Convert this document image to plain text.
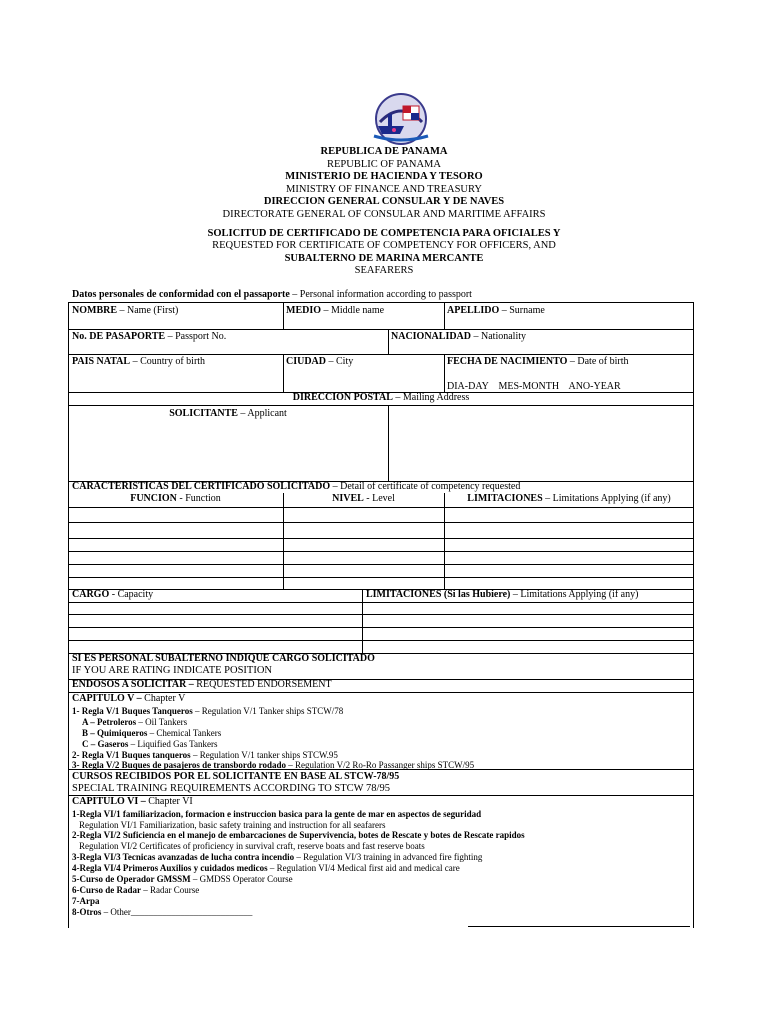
REPUBLICA DE PANAMA
REPUBLIC OF PANAMA
MINISTERIO DE HACIENDA Y TESORO
MINISTRY OF FINANCE AND TREASURY
DIRECCION GENERAL CONSULAR Y DE NAVES
DIRECTORATE GENERAL OF CONSULAR AND MARITIME AFFAIRS
SOLICITUD DE CERTIFICADO DE COMPETENCIA PARA OFICIALES Y
REQUESTED FOR CERTIFICATE OF COMPETENCY FOR OFFICERS, AND
SUBALTERNO DE MARINA MERCANTE
SEAFARERS
Datos personales de conformidad con el passaporte – Personal information according to passport
NOMBRE – Name (First)	MEDIO – Middle name	APELLIDO – Surname
No. DE PASAPORTE – Passport No.	NACIONALIDAD – Nationality
PAIS NATAL – Country of birth	CIUDAD – City	FECHA DE NACIMIENTO – Date of birth
DIA-DAY    MES-MONTH    ANO-YEAR
DIRECCION POSTAL – Mailing Address
SOLICITANTE – Applicant
CARACTERISTICAS DEL CERTIFICADO SOLICITADO – Detail of certificate of competency requested
FUNCION - Function	NIVEL - Level	LIMITACIONES – Limitations Applying (if any)
CARGO - Capacity	LIMITACIONES (Si las Hubiere) – Limitations Applying (if any)
SI ES PERSONAL SUBALTERNO INDIQUE CARGO SOLICITADO
IF YOU ARE RATING INDICATE POSITION
ENDOSOS A SOLICITAR – REQUESTED ENDORSEMENT
CAPITULO V – Chapter V
1- Regla V/1 Buques Tanqueros – Regulation V/1 Tanker ships STCW/78
A – Petroleros – Oil Tankers
B – Quimiqueros – Chemical Tankers
C – Gaseros – Liquified Gas Tankers
2- Regla V/1 Buques tanqueros – Regulation V/1 tanker ships STCW.95
3- Regla V/2 Buques de pasajeros de transbordo rodado – Regulation V/2 Ro-Ro Passanger ships STCW/95
CURSOS RECIBIDOS POR EL SOLICITANTE EN BASE AL STCW-78/95
SPECIAL TRAINING REQUIREMENTS ACCORDING TO STCW 78/95
CAPITULO VI – Chapter VI
1-Regla VI/1 familiarizacion, formacion e instruccion basica para la gente de mar en aspectos de seguridad
Regulation VI/1 Familiarization, basic safety training and instruction for all seafarers
2-Regla VI/2 Suficiencia en el manejo de embarcaciones de Supervivencia, botes de Rescate y botes de Rescate rapidos
Regulation VI/2 Certificates of proficiency in survival craft, reserve boats and fast reserve boats
3-Regla VI/3 Tecnicas avanzadas de lucha contra incendio – Regulation VI/3 training in advanced fire fighting
4-Regla VI/4 Primeros Auxilios y cuidados medicos – Regulation VI/4 Medical first aid and medical care
5-Curso de Operador GMSSM – GMDSS Operator Course
6-Curso de Radar – Radar Course
7-Arpa
8-Otros – Other___________________________
